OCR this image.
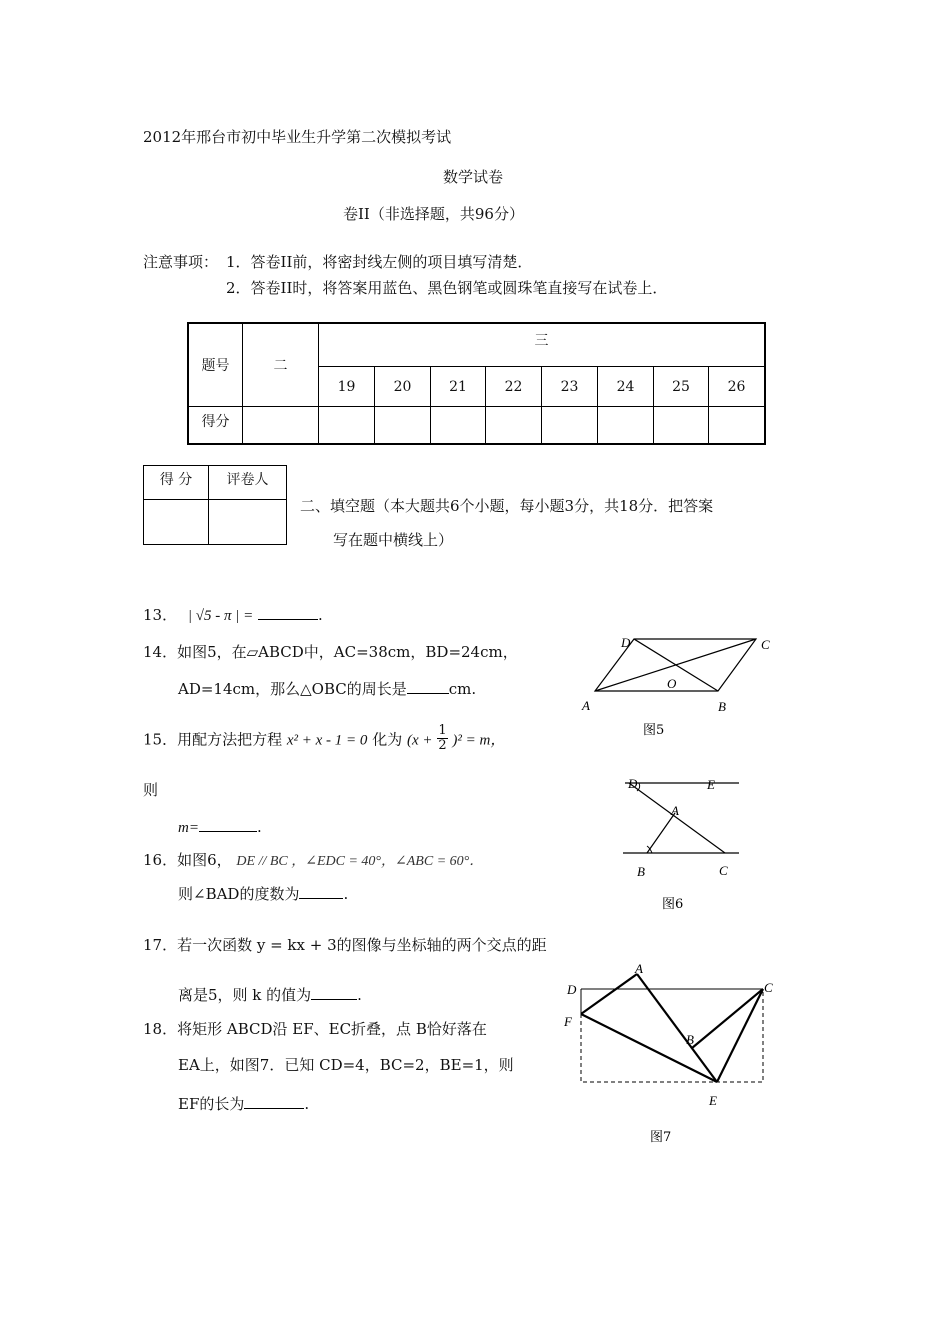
2012年邢台市初中毕业生升学第二次模拟考试
数学试卷
卷II（非选择题，共96分）
注意事项： 1．答卷II前，将密封线左侧的项目填写清楚．
2．答卷II时，将答案用蓝色、黑色钢笔或圆珠笔直接写在试卷上．
题号	二	三							
		19	20	21	22	23	24	25	26
得分									
得 分	评卷人

二、填空题（本大题共6个小题，每小题3分，共18分．把答案
写在题中横线上）
13． | √5 - π | =	.
14．如图5，在▱ABCD中，AC=38cm，BD=24cm，
AD=14cm，那么△OBC的周长是	cm.
15．用配方法把方程 x² + x - 1 = 0 化为 $(x + \frac{1}{2} )^2 = m$，
则
m=	.
16．如图6， DE // BC ，∠EDC = 40°，∠ABC = 60°．
则∠BAD的度数为	.
17．若一次函数 y = kx + 3的图像与坐标轴的两个交点的距
离是5，则 k 的值为	.
18．将矩形 ABCD沿 EF、EC折叠，点 B恰好落在
EA上，如图7．已知 CD=4，BC=2，BE=1，则
EF的长为	.
D	C
O
A	B
图5
D	E
A
B	C
图6
A
D	C
F
B
E
图7
